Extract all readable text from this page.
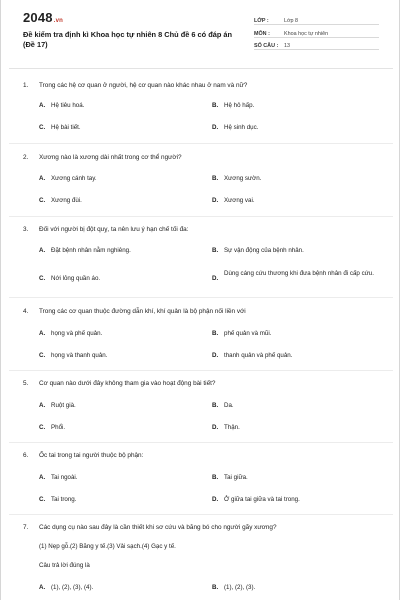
2048.vn
Đề kiểm tra định kì Khoa học tự nhiên 8 Chủ đề 6 có đáp án (Đề 17)
LỚP :	Lớp 8
MÔN :	Khoa học tự nhiên
SỐ CÂU :	13
1.	Trong các hệ cơ quan ở người, hệ cơ quan nào khác nhau ở nam và nữ?
A. Hệ tiêu hoá.	B. Hệ hô hấp.
C. Hệ bài tiết.	D. Hệ sinh dục.
2.	Xương nào là xương dài nhất trong cơ thể người?
A. Xương cánh tay.	B. Xương sườn.
C. Xương đùi.	D. Xương vai.
3.	Đối với người bị đột quỵ, ta nên lưu ý hạn chế tối đa:
A. Đặt bệnh nhân nằm nghiêng.	B. Sự vận động của bệnh nhân.
C. Nới lỏng quần áo.	D.
Dùng cáng cứu thương khi đưa bệnh nhân đi cấp cứu.
4.	Trong các cơ quan thuộc đường dẫn khí, khí quản là bộ phận nối liền với
A. họng và phế quản.	B. phế quản và mũi.
C. họng và thanh quản.	D. thanh quản và phế quản.
5.	Cơ quan nào dưới đây không tham gia vào hoạt động bài tiết?
A. Ruột già.	B. Da.
C. Phổi.	D. Thận.
6.	Ốc tai trong tai người thuộc bộ phận:
A. Tai ngoài.	B. Tai giữa.
C. Tai trong.	D. Ở giữa tai giữa và tai trong.
7.	Các dụng cụ nào sau đây là cần thiết khi sơ cứu và băng bó cho người gãy xương?
(1) Nẹp gỗ.(2) Băng y tế.(3) Vải sạch.(4) Gạc y tế.
Câu trả lời đúng là
A. (1), (2), (3), (4).	B. (1), (2), (3).
